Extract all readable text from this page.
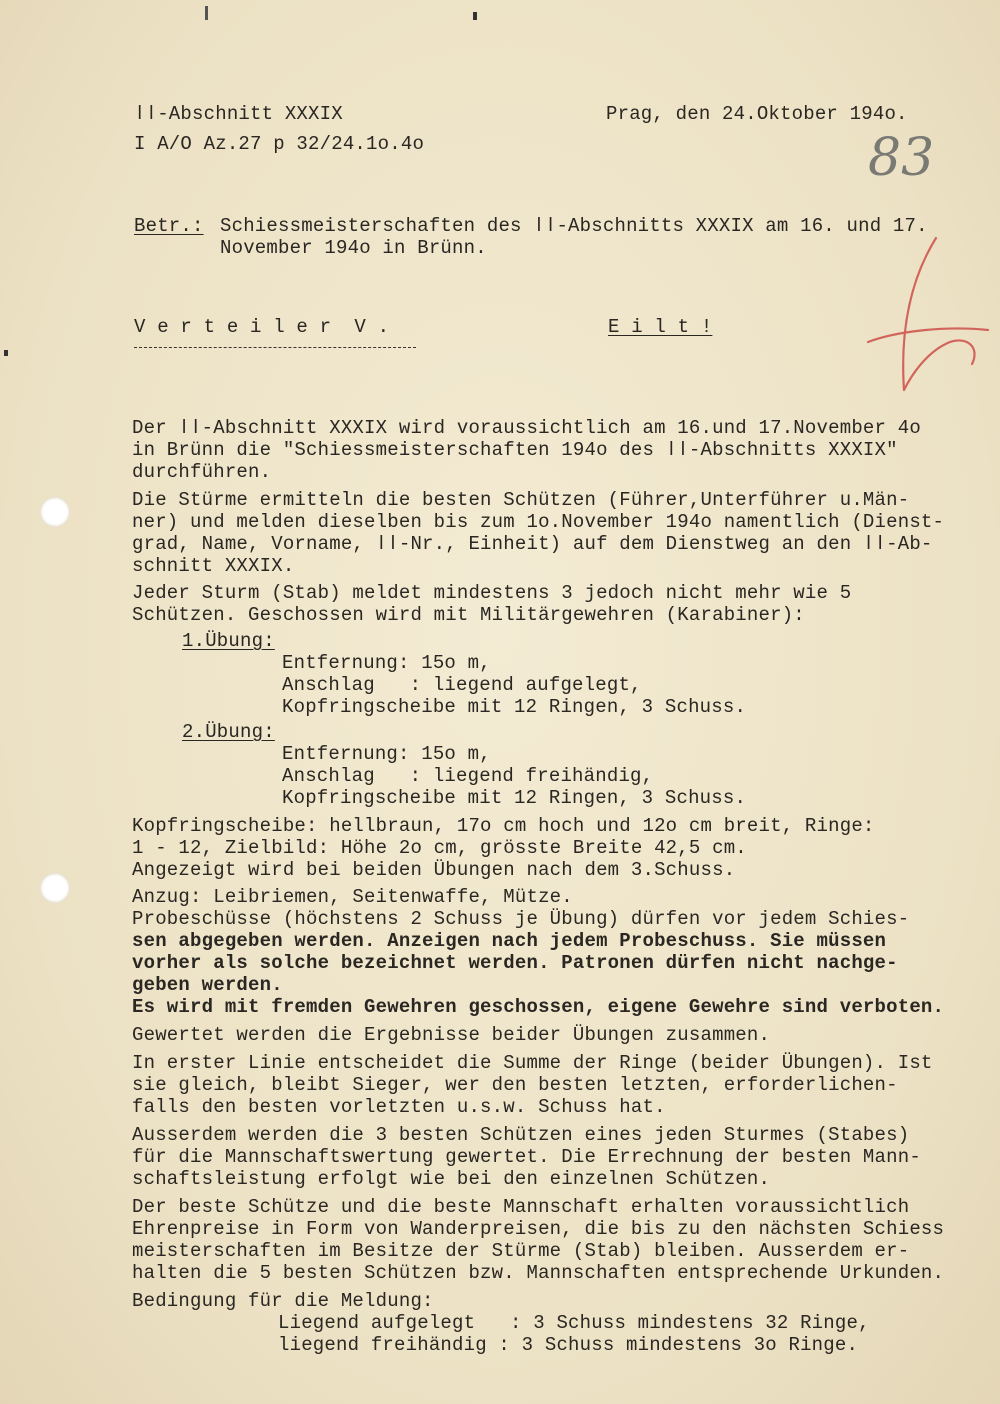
83
ǀǀ-Abschnitt XXXIX
I A/O Az.27 p 32/24.1o.4o
Prag, den 24.Oktober 194o.
Betr.: Schiessmeisterschaften des ǀǀ-Abschnitts XXXIX am 16. und 17.
November 194o in Brünn.
V e r t e i l e r  V .	E i l t !
Der ǀǀ-Abschnitt XXXIX wird voraussichtlich am 16.und 17.November 4o
in Brünn die "Schiessmeisterschaften 194o des ǀǀ-Abschnitts XXXIX"
durchführen.
Die Stürme ermitteln die besten Schützen (Führer,Unterführer u.Män-
ner) und melden dieselben bis zum 1o.November 194o namentlich (Dienst-
grad, Name, Vorname, ǀǀ-Nr., Einheit) auf dem Dienstweg an den ǀǀ-Ab-
schnitt XXXIX.
Jeder Sturm (Stab) meldet mindestens 3 jedoch nicht mehr wie 5
Schützen. Geschossen wird mit Militärgewehren (Karabiner):
1.Übung:
Entfernung: 15o m,
Anschlag   : liegend aufgelegt,
Kopfringscheibe mit 12 Ringen, 3 Schuss.
2.Übung:
Entfernung: 15o m,
Anschlag   : liegend freihändig,
Kopfringscheibe mit 12 Ringen, 3 Schuss.
Kopfringscheibe: hellbraun, 17o cm hoch und 12o cm breit, Ringe:
1 - 12, Zielbild: Höhe 2o cm, grösste Breite 42,5 cm.
Angezeigt wird bei beiden Übungen nach dem 3.Schuss.
Anzug: Leibriemen, Seitenwaffe, Mütze.
Probeschüsse (höchstens 2 Schuss je Übung) dürfen vor jedem Schies-
sen abgegeben werden. Anzeigen nach jedem Probeschuss. Sie müssen
vorher als solche bezeichnet werden. Patronen dürfen nicht nachge-
geben werden.
Es wird mit fremden Gewehren geschossen, eigene Gewehre sind verboten.
Gewertet werden die Ergebnisse beider Übungen zusammen.
In erster Linie entscheidet die Summe der Ringe (beider Übungen). Ist
sie gleich, bleibt Sieger, wer den besten letzten, erforderlichen-
falls den besten vorletzten u.s.w. Schuss hat.
Ausserdem werden die 3 besten Schützen eines jeden Sturmes (Stabes)
für die Mannschaftswertung gewertet. Die Errechnung der besten Mann-
schaftsleistung erfolgt wie bei den einzelnen Schützen.
Der beste Schütze und die beste Mannschaft erhalten voraussichtlich
Ehrenpreise in Form von Wanderpreisen, die bis zu den nächsten Schiess
meisterschaften im Besitze der Stürme (Stab) bleiben. Ausserdem er-
halten die 5 besten Schützen bzw. Mannschaften entsprechende Urkunden.
Bedingung für die Meldung:
Liegend aufgelegt   : 3 Schuss mindestens 32 Ringe,
liegend freihändig : 3 Schuss mindestens 3o Ringe.
